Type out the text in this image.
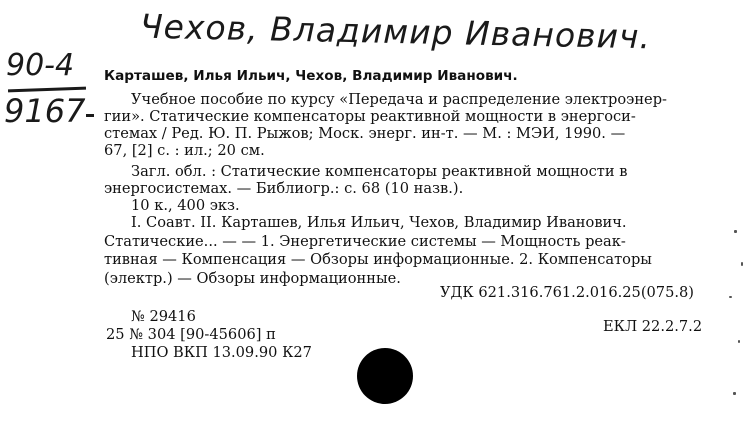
Чехов, Владимир Иванович.
90-4
9167
Карташев, Илья Ильич, Чехов, Владимир Иванович.
Учебное пособие по курсу «Передача и распределение электроэнер-
гии». Статические компенсаторы реактивной мощности в энергоси-
стемах / Ред. Ю. П. Рыжов; Моск. энерг. ин-т. — М. : МЭИ, 1990. —
67, [2] с. : ил.; 20 см.
Загл. обл. : Статические компенсаторы реактивной мощности в
энергосистемах. — Библиогр.: с. 68 (10 назв.).
10 к., 400 экз.
I. Соавт. II. Карташев, Илья Ильич, Чехов, Владимир Иванович.
Статические... — — 1. Энергетические системы — Мощность реак-
тивная — Компенсация — Обзоры информационные. 2. Компенсаторы
(электр.) — Обзоры информационные.
УДК 621.316.761.2.016.25(075.8)
№ 29416
25 № 304 [90-45606] п	ЕКЛ 22.2.7.2
НПО ВКП 13.09.90 К27
